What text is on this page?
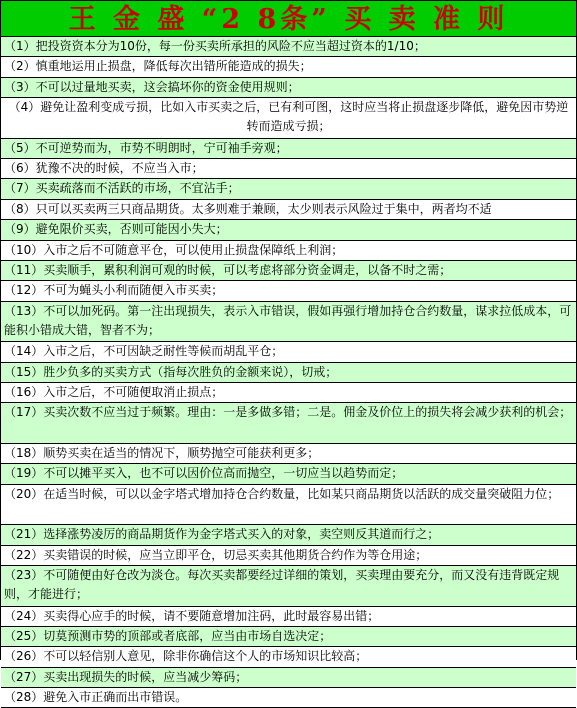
王 金 盛 “2 8条” 买 卖 准 则
（1）把投资资本分为10份，每一份买卖所承担的风险不应当超过资本的1/10；
（2）慎重地运用止损盘，降低每次出错所能造成的损失；
（3）不可以过量地买卖，这会搞坏你的资金使用规则；
（4）避免让盈利变成亏损，比如入市买卖之后，已有利可图，这时应当将止损盘逐步降低，避免因市势逆转而造成亏损；
（5）不可逆势而为，市势不明朗时，宁可袖手旁观；
（6）犹豫不决的时候，不应当入市；
（7）买卖疏落而不活跃的市场，不宜沾手；
（8）只可以买卖两三只商品期货。太多则难于兼顾，太少则表示风险过于集中，两者均不适
（9）避免限价买卖，否则可能因小失大；
（10）入市之后不可随意平仓，可以使用止损盘保障纸上利润；
（11）买卖顺手，累积利润可观的时候，可以考虑将部分资金调走，以备不时之需；
（12）不可为蝇头小利而随便入市买卖；
（13）不可以加死码。第一注出现损失，表示入市错误，假如再强行增加持仓合约数量，谋求拉低成本，可能积小错成大错，智者不为；
（14）入市之后，不可因缺乏耐性等候而胡乱平仓；
（15）胜少负多的买卖方式（指每次胜负的金额来说），切戒；
（16）入市之后，不可随便取消止损点；
（17）买卖次数不应当过于频繁。理由：一是多做多错；二是。佣金及价位上的损失将会减少获利的机会；
（18）顺势买卖在适当的情况下，顺势抛空可能获利更多；
（19）不可以摊平买入，也不可以因价位高而抛空，一切应当以趋势而定；
（20）在适当时候，可以以金字塔式增加持仓合约数量，比如某只商品期货以活跃的成交量突破阻力位；
（21）选择涨势凌厉的商品期货作为金字塔式买入的对象，卖空则反其道而行之；
（22）买卖错误的时候，应当立即平仓，切忌买卖其他期货合约作为等仓用途；
（23）不可随便由好仓改为淡仓。每次买卖都要经过详细的策划，买卖理由要充分，而又没有违背既定规则，才能进行；
（24）买卖得心应手的时候，请不要随意增加注码，此时最容易出错；
（25）切莫预测市势的顶部或者底部，应当由市场自选决定；
（26）不可以轻信别人意见，除非你确信这个人的市场知识比较高；
（27）买卖出现损失的时候，应当减少筹码；
（28）避免入市正确而出市错误。
